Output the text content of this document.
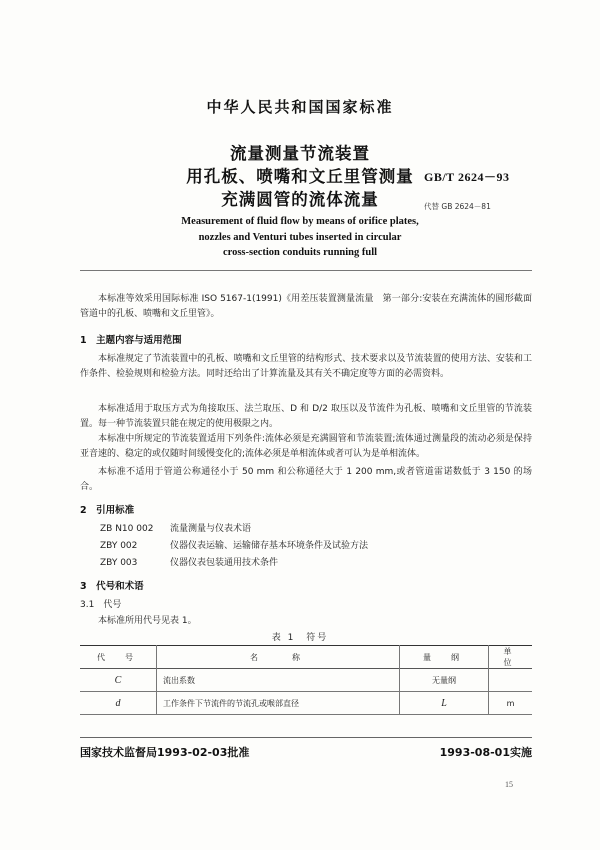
中华人民共和国国家标准
流量测量节流装置
用孔板、喷嘴和文丘里管测量
充满圆管的流体流量
GB/T 2624－93
代替 GB 2624－81
Measurement of fluid flow by means of orifice plates,
nozzles and Venturi tubes inserted in circular
cross-section conduits running full
本标准等效采用国际标准 ISO 5167-1(1991)《用差压装置测量流量　第一部分:安装在充满流体的圆形截面管道中的孔板、喷嘴和文丘里管》。
1　主题内容与适用范围
本标准规定了节流装置中的孔板、喷嘴和文丘里管的结构形式、技术要求以及节流装置的使用方法、安装和工作条件、检验规则和检验方法。同时还给出了计算流量及其有关不确定度等方面的必需资料。
本标准适用于取压方式为角接取压、法兰取压、D 和 D/2 取压以及节流件为孔板、喷嘴和文丘里管的节流装置。每一种节流装置只能在规定的使用极限之内。
本标准中所规定的节流装置适用下列条件:流体必须是充满圆管和节流装置;流体通过测量段的流动必须是保持亚音速的、稳定的或仅随时间缓慢变化的;流体必须是单相流体或者可认为是单相流体。
本标准不适用于管道公称通径小于 50 mm 和公称通径大于 1 200 mm,或者管道雷诺数低于 3 150 的场合。
2　引用标准
ZB N10 002 流量测量与仪表术语
ZBY 002	仪器仪表运输、运输储存基本环境条件及试验方法
ZBY 003	仪器仪表包装通用技术条件
3　代号和术语
3.1　代号
本标准所用代号见表 1。
表 1　符号
代　号	名　　称	量　纲	单　位
C	流出系数	无量纲	
d	工作条件下节流件的节流孔或喉部直径	L	m
国家技术监督局1993-02-03批准	1993-08-01实施
15
